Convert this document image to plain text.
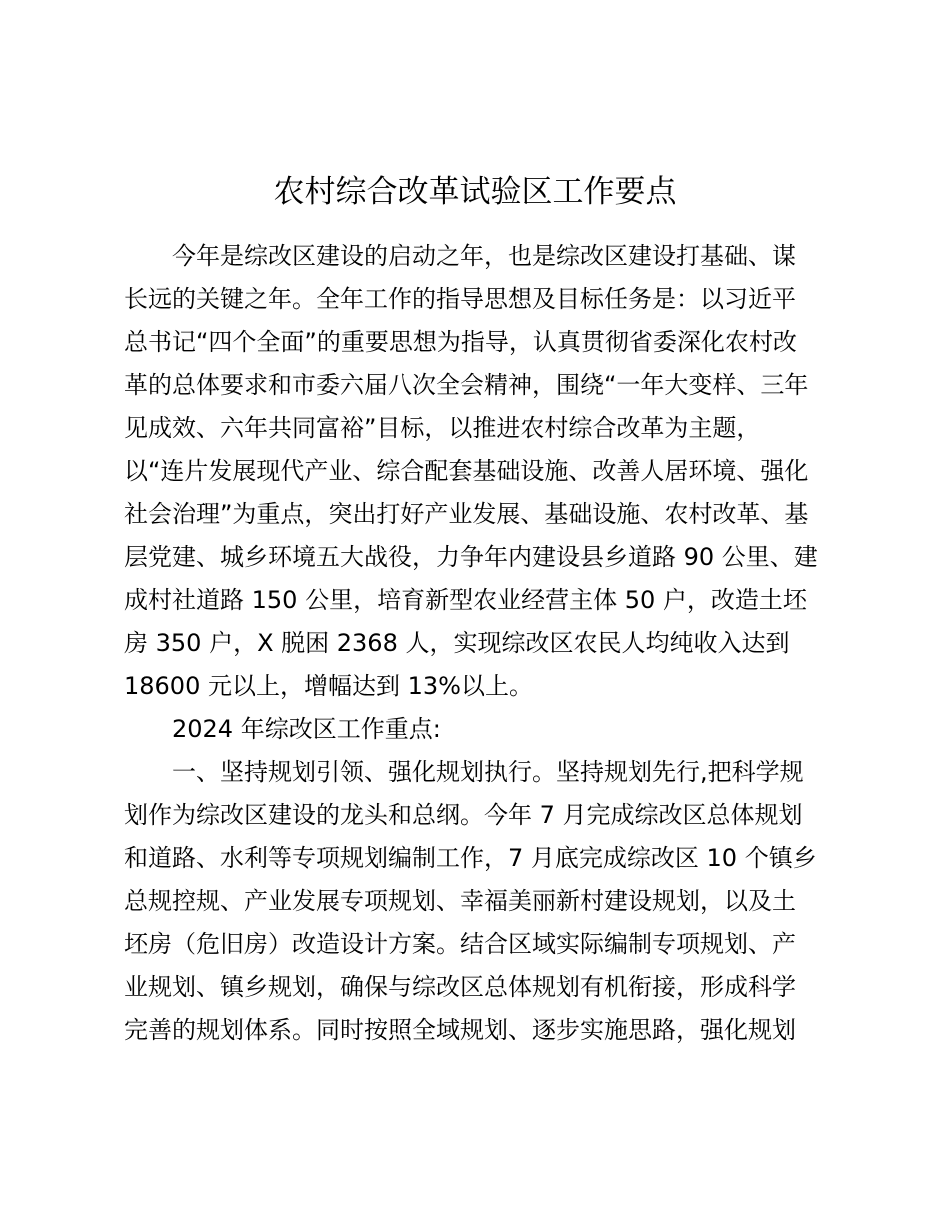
农村综合改革试验区工作要点
今年是综改区建设的启动之年，也是综改区建设打基础、谋
长远的关键之年。全年工作的指导思想及目标任务是：以习近平
总书记“四个全面”的重要思想为指导，认真贯彻省委深化农村改
革的总体要求和市委六届八次全会精神，围绕“一年大变样、三年
见成效、六年共同富裕”目标，以推进农村综合改革为主题，
以“连片发展现代产业、综合配套基础设施、改善人居环境、强化
社会治理”为重点，突出打好产业发展、基础设施、农村改革、基
层党建、城乡环境五大战役，力争年内建设县乡道路 90 公里、建
成村社道路 150 公里，培育新型农业经营主体 50 户，改造土坯
房 350 户，X 脱困 2368 人，实现综改区农民人均纯收入达到
18600 元以上，增幅达到 13%以上。
2024 年综改区工作重点:
一、坚持规划引领、强化规划执行。坚持规划先行,把科学规
划作为综改区建设的龙头和总纲。今年 7 月完成综改区总体规划
和道路、水利等专项规划编制工作，7 月底完成综改区 10 个镇乡
总规控规、产业发展专项规划、幸福美丽新村建设规划，以及土
坯房（危旧房）改造设计方案。结合区域实际编制专项规划、产
业规划、镇乡规划，确保与综改区总体规划有机衔接，形成科学
完善的规划体系。同时按照全域规划、逐步实施思路，强化规划
